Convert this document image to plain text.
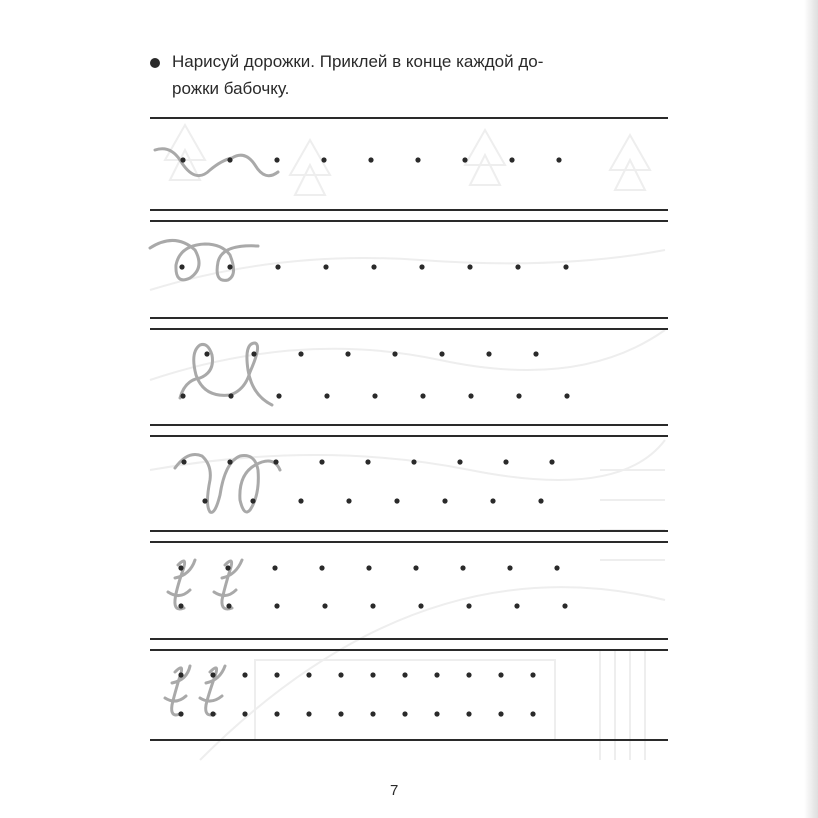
Нарисуй дорожки. Приклей в конце каждой до-
рожки бабочку.
7
